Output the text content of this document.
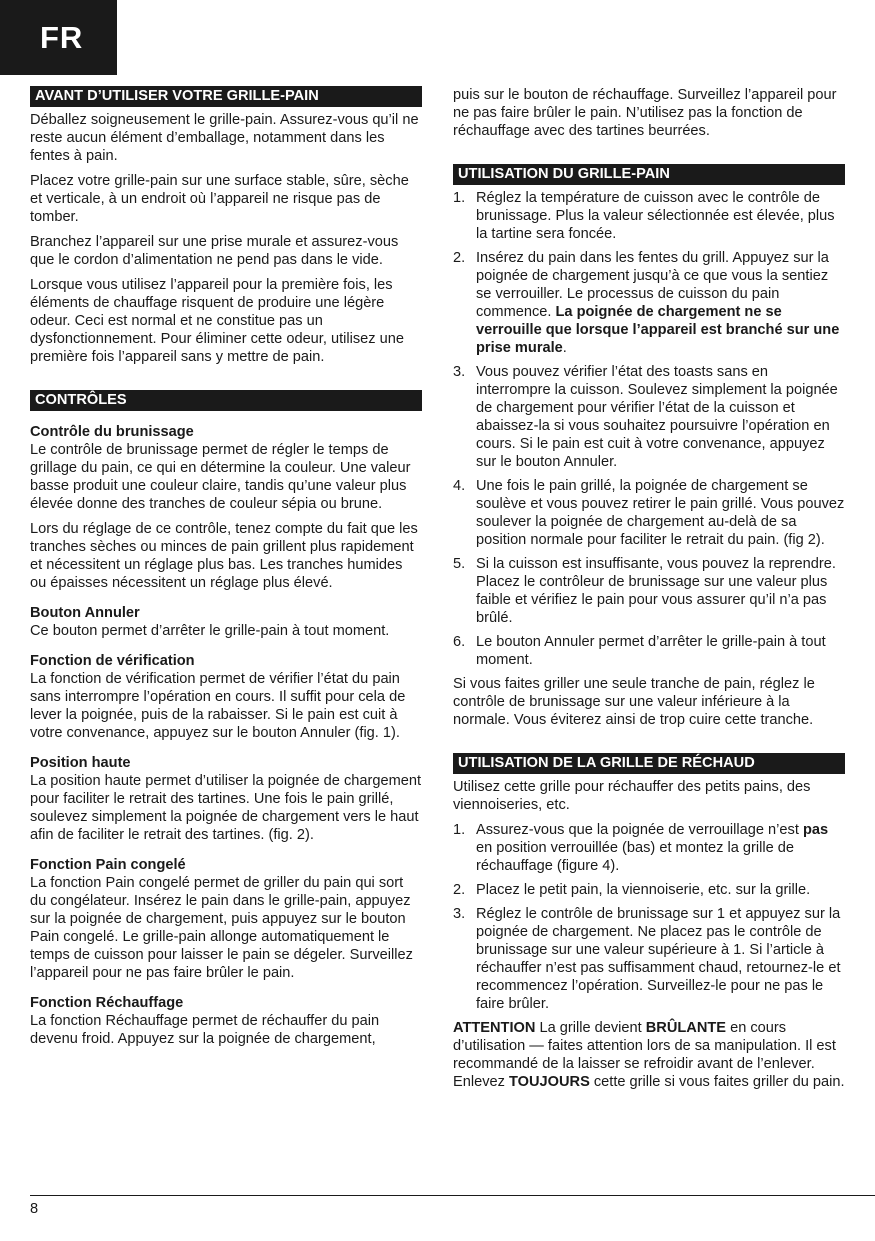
FR
AVANT D’UTILISER VOTRE GRILLE-PAIN

Déballez soigneusement le grille-pain. Assurez-vous qu’il ne reste aucun élément d’emballage, notamment dans les fentes à pain.

Placez votre grille-pain sur une surface stable, sûre, sèche et verticale, à un endroit où l’appareil ne risque pas de tomber.

Branchez l’appareil sur une prise murale et assurez-vous que le cordon d’alimentation ne pend pas dans le vide.

Lorsque vous utilisez l’appareil pour la première fois, les éléments de chauffage risquent de produire une légère odeur. Ceci est normal et ne constitue pas un dysfonctionnement. Pour éliminer cette odeur, utilisez une première fois l’appareil sans y mettre de pain.

CONTRÔLES
Contrôle du brunissage

Le contrôle de brunissage permet de régler le temps de grillage du pain, ce qui en détermine la couleur. Une valeur basse produit une couleur claire, tandis qu’une valeur plus élevée donne des tranches de couleur sépia ou brune.

Lors du réglage de ce contrôle, tenez compte du fait que les tranches sèches ou minces de pain grillent plus rapidement et nécessitent un réglage plus bas. Les tranches humides ou épaisses nécessitent un réglage plus élevé.

Bouton Annuler

Ce bouton permet d’arrêter le grille-pain à tout moment.

Fonction de vérification

La fonction de vérification permet de vérifier l’état du pain sans interrompre l’opération en cours. Il suffit pour cela de lever la poignée, puis de la rabaisser. Si le pain est cuit à votre convenance, appuyez sur le bouton Annuler (fig. 1).

Position haute

La position haute permet d’utiliser la poignée de chargement pour faciliter le retrait des tartines. Une fois le pain grillé, soulevez simplement la poignée de chargement vers le haut afin de faciliter le retrait des tartines. (fig. 2).

Fonction Pain congelé

La fonction Pain congelé permet de griller du pain qui sort du congélateur. Insérez le pain dans le grille-pain, appuyez sur la poignée de chargement, puis appuyez sur le bouton Pain congelé. Le grille-pain allonge automatiquement le temps de cuisson pour laisser le pain se dégeler. Surveillez l’appareil pour ne pas faire brûler le pain.

Fonction Réchauffage

La fonction Réchauffage permet de réchauffer du pain devenu froid. Appuyez sur la poignée de chargement,

puis sur le bouton de réchauffage. Surveillez l’appareil pour ne pas faire brûler le pain. N’utilisez pas la fonction de réchauffage avec des tartines beurrées.

UTILISATION DU GRILLE-PAIN
1. Réglez la température de cuisson avec le contrôle de brunissage. Plus la valeur sélectionnée est élevée, plus la tartine sera foncée.
2. Insérez du pain dans les fentes du grill. Appuyez sur la poignée de chargement jusqu’à ce que vous la sentiez se verrouiller. Le processus de cuisson du pain commence. La poignée de chargement ne se verrouille que lorsque l’appareil est branché sur une prise murale.
3. Vous pouvez vérifier l’état des toasts sans en interrompre la cuisson. Soulevez simplement la poignée de chargement pour vérifier l’état de la cuisson et abaissez-la si vous souhaitez poursuivre l’opération en cours. Si le pain est cuit à votre convenance, appuyez sur le bouton Annuler.
4. Une fois le pain grillé, la poignée de chargement se soulève et vous pouvez retirer le pain grillé. Vous pouvez soulever la poignée de chargement au-delà de sa position normale pour faciliter le retrait du pain. (fig 2).
5. Si la cuisson est insuffisante, vous pouvez la reprendre. Placez le contrôleur de brunissage sur une valeur plus faible et vérifiez le pain pour vous assurer qu’il n’a pas brûlé.
6. Le bouton Annuler permet d’arrêter le grille-pain à tout moment.

Si vous faites griller une seule tranche de pain, réglez le contrôle de brunissage sur une valeur inférieure à la normale. Vous éviterez ainsi de trop cuire cette tranche.

UTILISATION DE LA GRILLE DE RÉCHAUD

Utilisez cette grille pour réchauffer des petits pains, des viennoiseries, etc.

1. Assurez-vous que la poignée de verrouillage n’est pas en position verrouillée (bas) et montez la grille de réchauffage (figure 4).
2. Placez le petit pain, la viennoiserie, etc. sur la grille.
3. Réglez le contrôle de brunissage sur 1 et appuyez sur la poignée de chargement. Ne placez pas le contrôle de brunissage sur une valeur supérieure à 1. Si l’article à réchauffer n’est pas suffisamment chaud, retournez-le et recommencez l’opération. Surveillez-le pour ne pas le faire brûler.

ATTENTION La grille devient BRÛLANTE en cours d’utilisation — faites attention lors de sa manipulation. Il est recommandé de la laisser se refroidir avant de l’enlever. Enlevez TOUJOURS cette grille si vous faites griller du pain.

8
